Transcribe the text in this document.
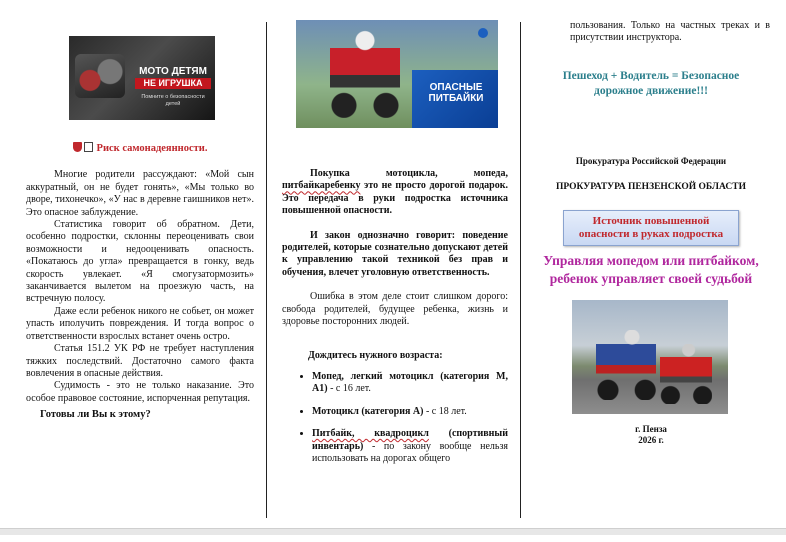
МОТО ДЕТЯМ
НЕ ИГРУШКА
Помните о безопасности детей
Риск самонадеянности.

Многие родители рассуждают: «Мой сын аккуратный, он не будет гонять», «Мы только во дворе, тихонечко», «У нас в деревне гаишников нет». Это опасное заблуждение.

Статистика говорит об обратном. Дети, особенно подростки, склонны переоценивать свои возможности и недооценивать опасность. «Покатаюсь до угла» превращается в гонку, ведь скорость увлекает. «Я смогузатормозить» заканчивается вылетом на проезжую часть, на встречную полосу.

Даже если ребенок никого не собьет, он может упасть иполучить повреждения. И тогда вопрос о ответственности взрослых встанет очень остро.

Статья 151.2 УК РФ не требует наступления тяжких последствий. Достаточно самого факта вовлечения в опасные действия.

Судимость - это не только наказание. Это особое правовое состояние, испорченная репутация.

Готовы ли Вы к этому?
ОПАСНЫЕ
ПИТБАЙКИ

Покупка мотоцикла, мопеда, питбайкаребенку это не просто дорогой подарок. Это передача в руки подростка источника повышенной опасности.

И закон однозначно говорит: поведение родителей, которые сознательно допускают детей к управлению такой техникой без прав и обучения, влечет уголовную ответственность.

Ошибка в этом деле стоит слишком дорого: свобода родителей, будущее ребенка, жизнь и здоровье посторонних людей.

Дождитесь нужного возраста:
• Мопед, легкий мотоцикл (категория М, А1) - с 16 лет.
• Мотоцикл (категория А) - с 18 лет.
• Питбайк, квадроцикл (спортивный инвентарь) - по закону вообще нельзя использовать на дорогах общего

пользования. Только на частных треках и в присутствии инструктора.

Пешеход + Водитель = Безопасное
дорожное движение!!!
Прокуратура Российской Федерации
ПРОКУРАТУРА ПЕНЗЕНСКОЙ ОБЛАСТИ
Источник повышенной опасности в руках подростка
Управляя мопедом или питбайком, ребенок управляет своей судьбой
г. Пенза
2026 г.
